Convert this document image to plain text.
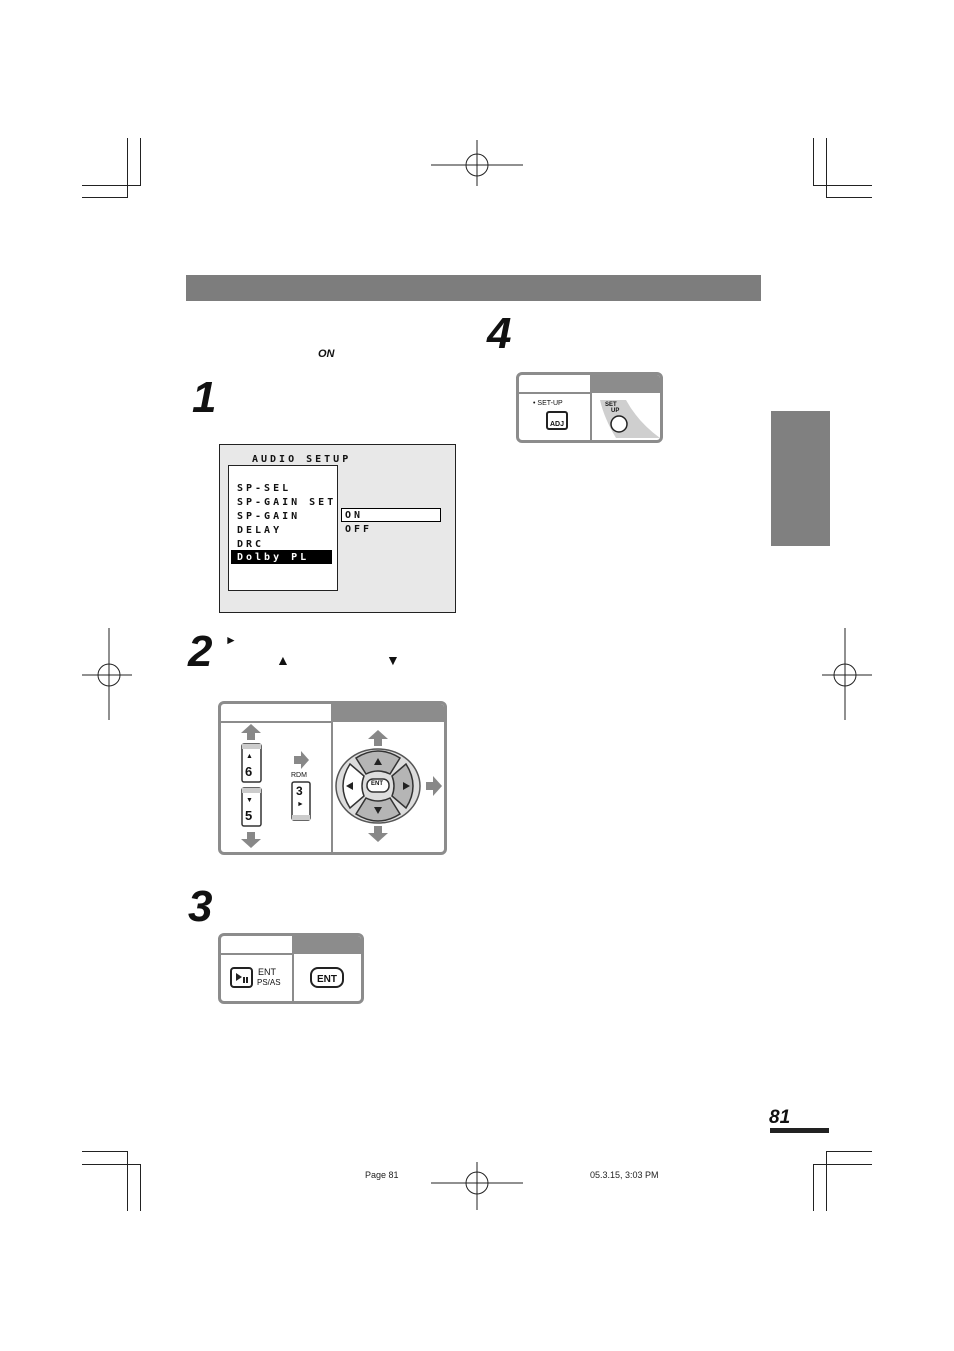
ON
1
2
3
4
►
▲	▼
AUDIO SETUP
SP-SEL
SP-GAIN SET
SP-GAIN
DELAY
DRC
Dolby PL
ON
OFF
▲
6
▼
5
RDM
3
►
ENT
ENT
PS/AS	ENT
• SET-UP
ADJ
SET
UP
81
Page 81	05.3.15, 3:03 PM
